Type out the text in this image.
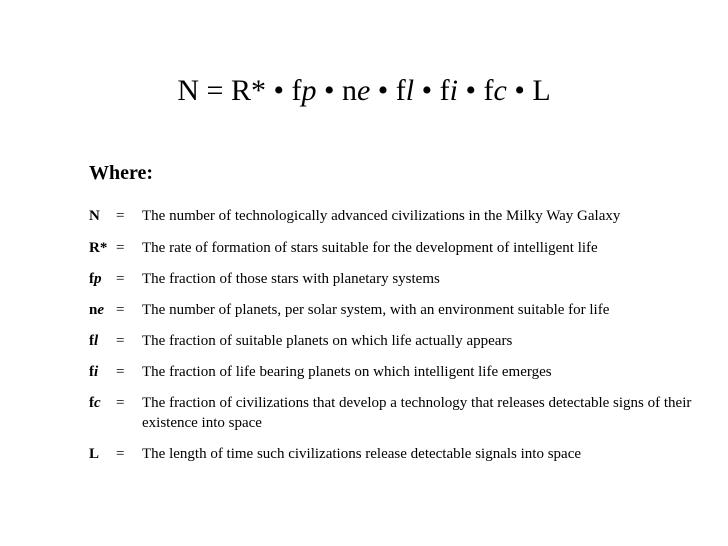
N = R* • fp • ne • fl • fi • fc • L
Where:
N = The number of technologically advanced civilizations in the Milky Way Galaxy
R* = The rate of formation of stars suitable for the development of intelligent life
fp = The fraction of those stars with planetary systems
ne = The number of planets, per solar system, with an environment suitable for life
fl = The fraction of suitable planets on which life actually appears
fi = The fraction of life bearing planets on which intelligent life emerges
fc = The fraction of civilizations that develop a technology that releases detectable signs of their existence into space
L = The length of time such civilizations release detectable signals into space
